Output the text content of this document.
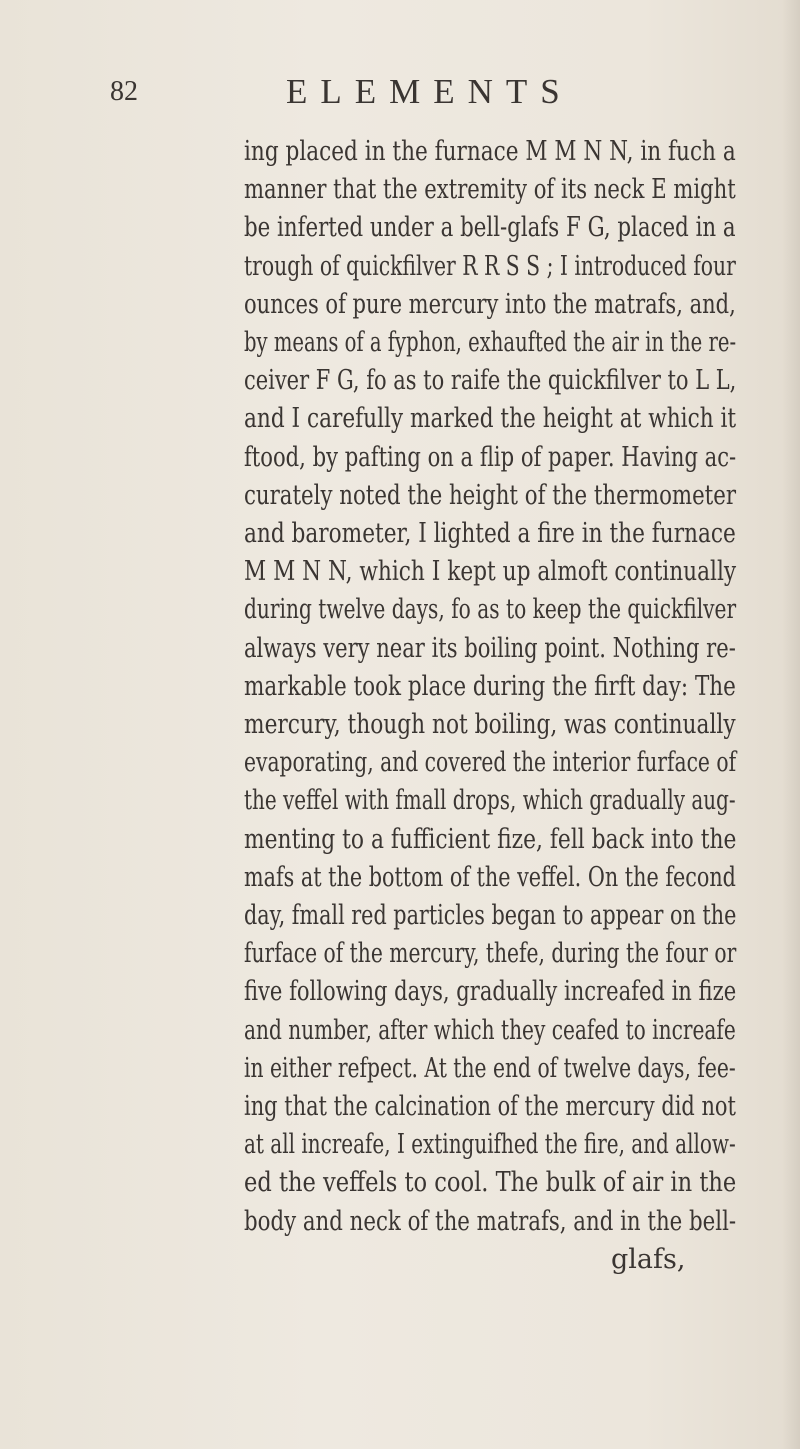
82	ELEMENTS
ing placed in the furnace M M N N, in fuch a
manner that the extremity of its neck E might
be inferted under a bell-glafs F G, placed in a
trough of quickfilver R R S S ; I introduced four
ounces of pure mercury into the matrafs, and,
by means of a fyphon, exhaufted the air in the re-
ceiver F G, fo as to raife the quickfilver to L L,
and I carefully marked the height at which it
ftood, by pafting on a flip of paper. Having ac-
curately noted the height of the thermometer
and barometer, I lighted a fire in the furnace
M M N N, which I kept up almoft continually
during twelve days, fo as to keep the quickfilver
always very near its boiling point. Nothing re-
markable took place during the firft day: The
mercury, though not boiling, was continually
evaporating, and covered the interior furface of
the veffel with fmall drops, which gradually aug-
menting to a fufficient fize, fell back into the
mafs at the bottom of the veffel. On the fecond
day, fmall red particles began to appear on the
furface of the mercury, thefe, during the four or
five following days, gradually increafed in fize
and number, after which they ceafed to increafe
in either refpect. At the end of twelve days, fee-
ing that the calcination of the mercury did not
at all increafe, I extinguifhed the fire, and allow-
ed the veffels to cool. The bulk of air in the
body and neck of the matrafs, and in the bell-
glafs,
